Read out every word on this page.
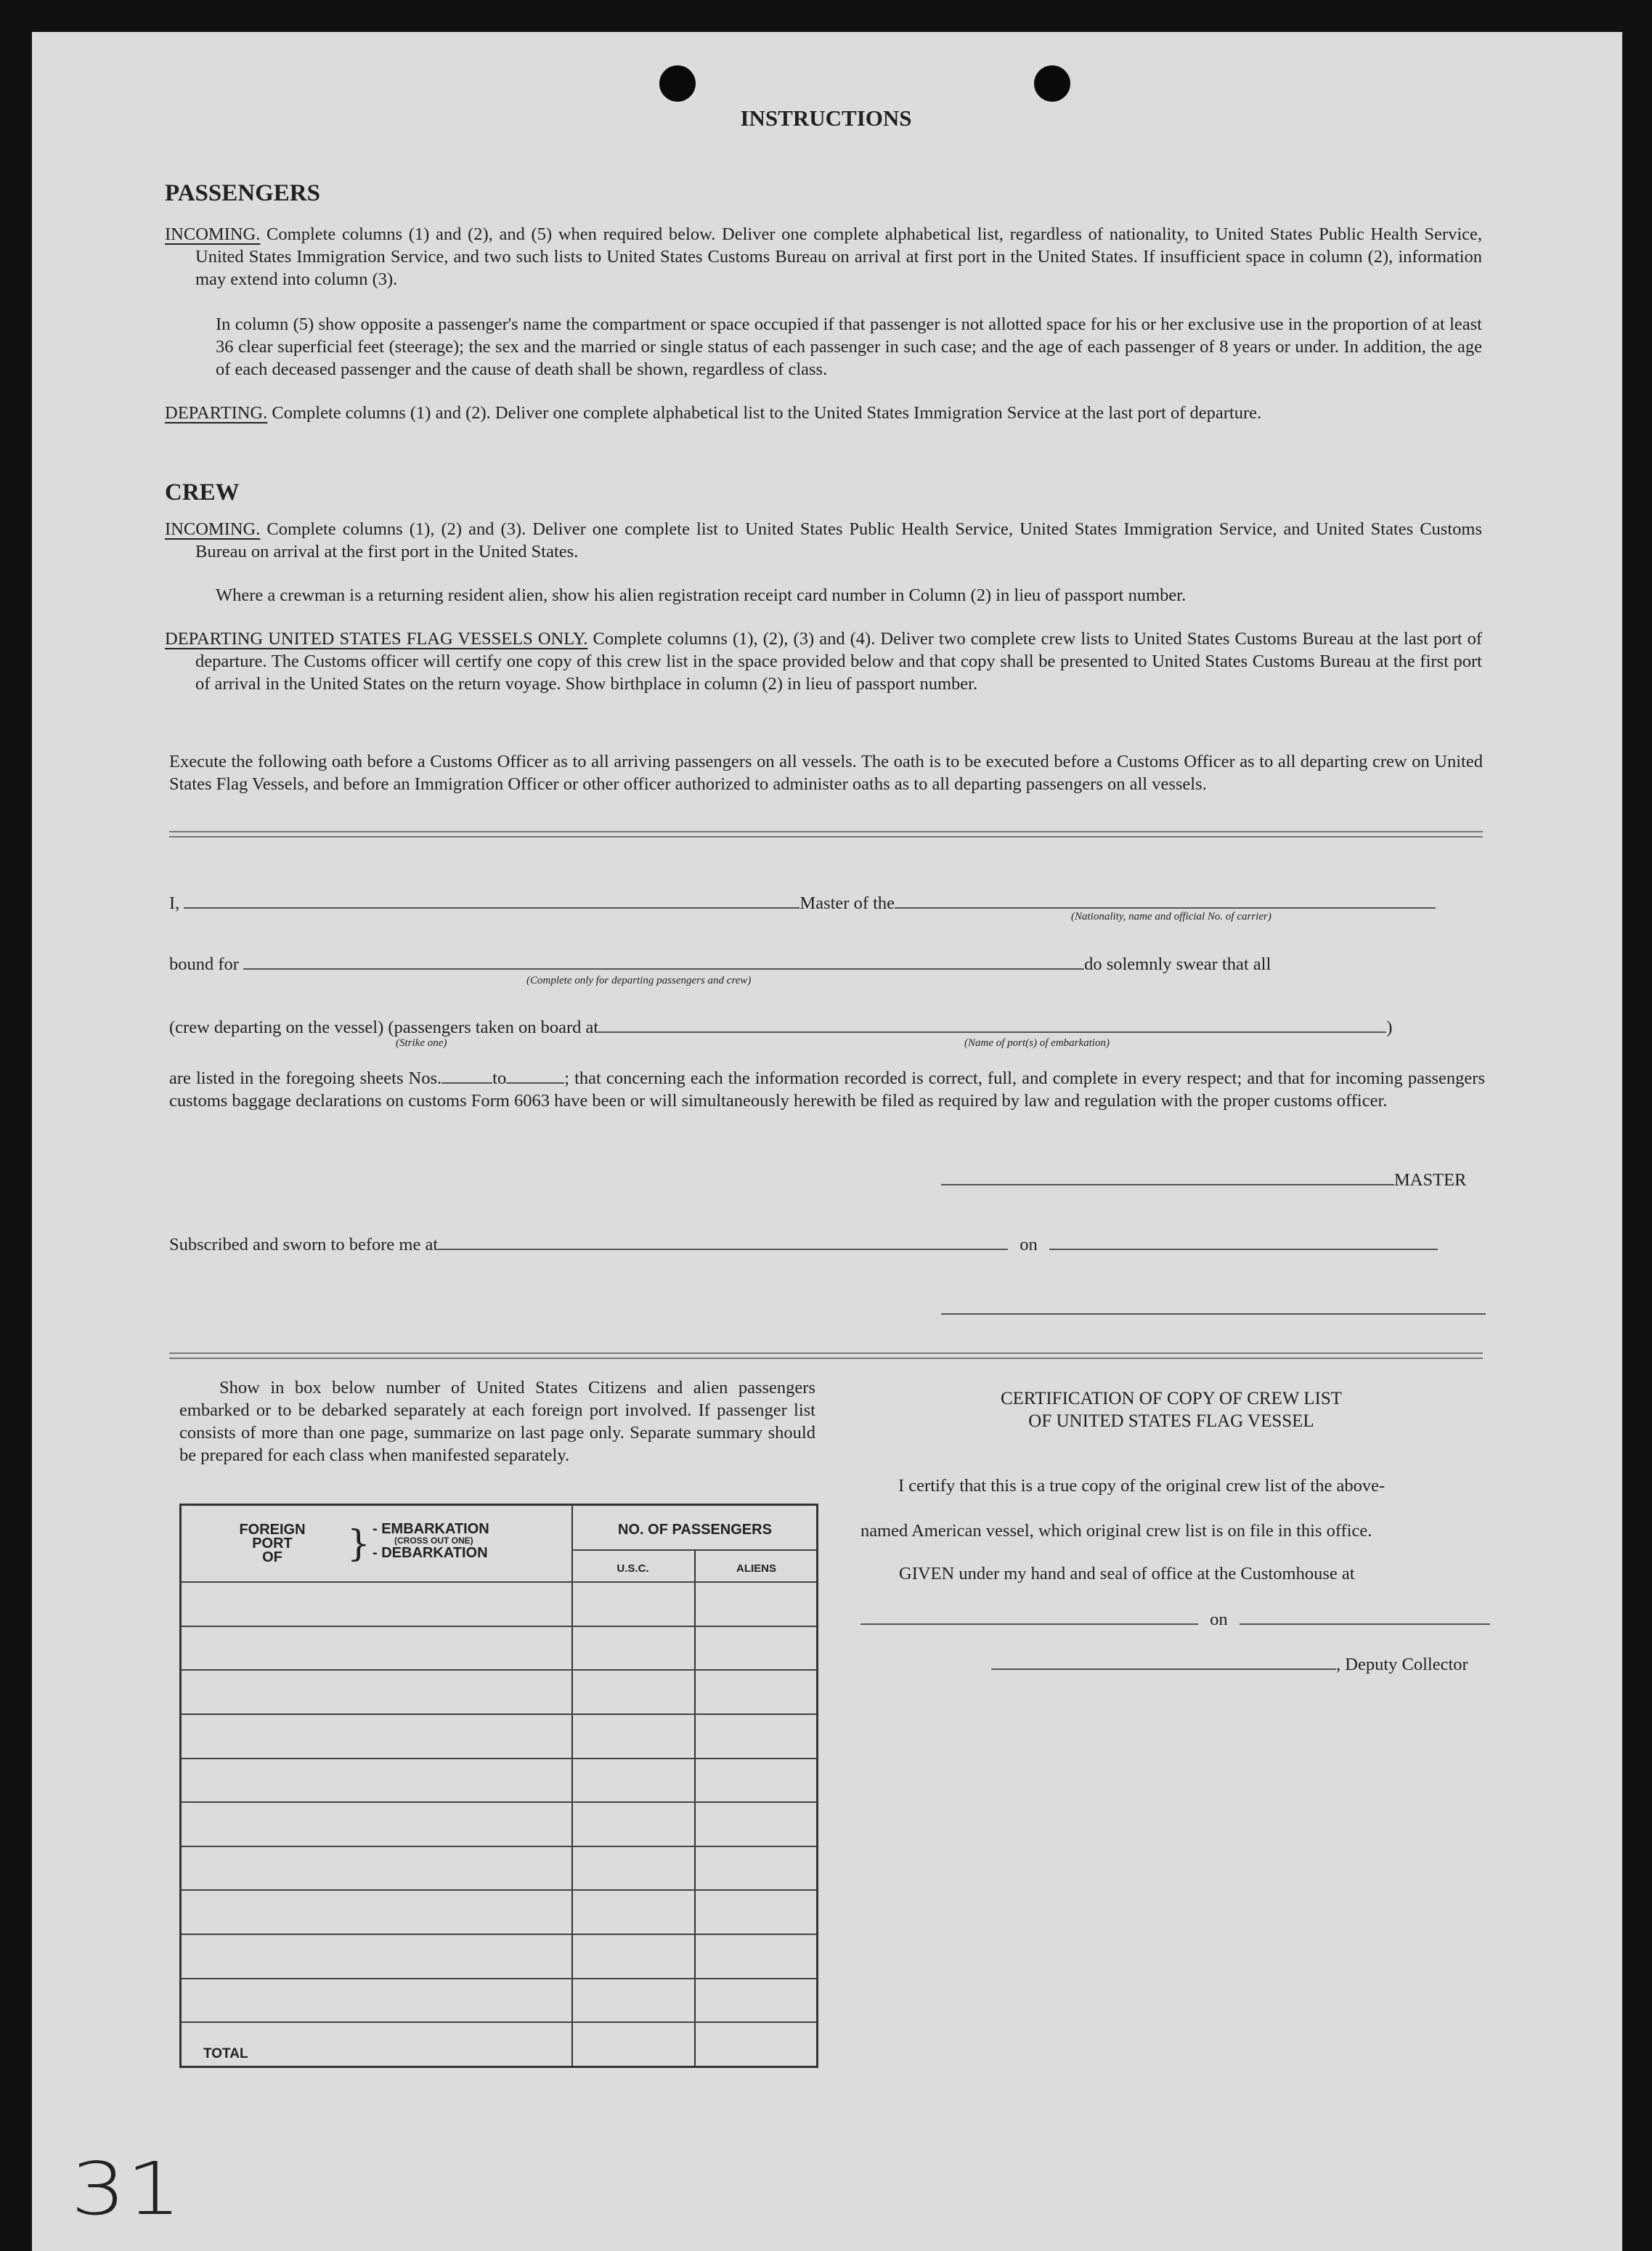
INSTRUCTIONS
PASSENGERS
INCOMING. Complete columns (1) and (2), and (5) when required below. Deliver one complete alphabetical list, regardless of nationality, to United States Public Health Service, United States Immigration Service, and two such lists to United States Customs Bureau on arrival at first port in the United States. If insufficient space in column (2), information may extend into column (3).
In column (5) show opposite a passenger's name the compartment or space occupied if that passenger is not allotted space for his or her exclusive use in the proportion of at least 36 clear superficial feet (steerage); the sex and the married or single status of each passenger in such case; and the age of each passenger of 8 years or under. In addition, the age of each deceased passenger and the cause of death shall be shown, regardless of class.
DEPARTING. Complete columns (1) and (2). Deliver one complete alphabetical list to the United States Immigration Service at the last port of departure.
CREW
INCOMING. Complete columns (1), (2) and (3). Deliver one complete list to United States Public Health Service, United States Immigration Service, and United States Customs Bureau on arrival at the first port in the United States.
Where a crewman is a returning resident alien, show his alien registration receipt card number in Column (2) in lieu of passport number.
DEPARTING UNITED STATES FLAG VESSELS ONLY. Complete columns (1), (2), (3) and (4). Deliver two complete crew lists to United States Customs Bureau at the last port of departure. The Customs officer will certify one copy of this crew list in the space provided below and that copy shall be presented to United States Customs Bureau at the first port of arrival in the United States on the return voyage. Show birthplace in column (2) in lieu of passport number.
Execute the following oath before a Customs Officer as to all arriving passengers on all vessels. The oath is to be executed before a Customs Officer as to all departing crew on United States Flag Vessels, and before an Immigration Officer or other officer authorized to administer oaths as to all departing passengers on all vessels.
I,	Master of the
(Nationality, name and official No. of carrier)
bound for	do solemnly swear that all
(Complete only for departing passengers and crew)
(crew departing on the vessel) (passengers taken on board at	)
(Strike one)	(Name of port(s) of embarkation)
are listed in the foregoing sheets Nos.	to	; that concerning each the information recorded is correct, full, and complete in every respect; and that for incoming passengers customs baggage declarations on customs Form 6063 have been or will simultaneously herewith be filed as required by law and regulation with the proper customs officer.
MASTER
Subscribed and sworn to before me at	on
Show in box below number of United States Citizens and alien passengers embarked or to be debarked separately at each foreign port involved. If passenger list consists of more than one page, summarize on last page only. Separate summary should be prepared for each class when manifested separately.
FOREIGN
PORT
OF	} - EMBARKATION
(CROSS OUT ONE)
- DEBARKATION
NO. OF PASSENGERS
U.S.C.	ALIENS
TOTAL
CERTIFICATION OF COPY OF CREW LIST
OF UNITED STATES FLAG VESSEL
I certify that this is a true copy of the original crew list of the above-
named American vessel, which original crew list is on file in this office.
GIVEN under my hand and seal of office at the Customhouse at
on
, Deputy Collector
31
